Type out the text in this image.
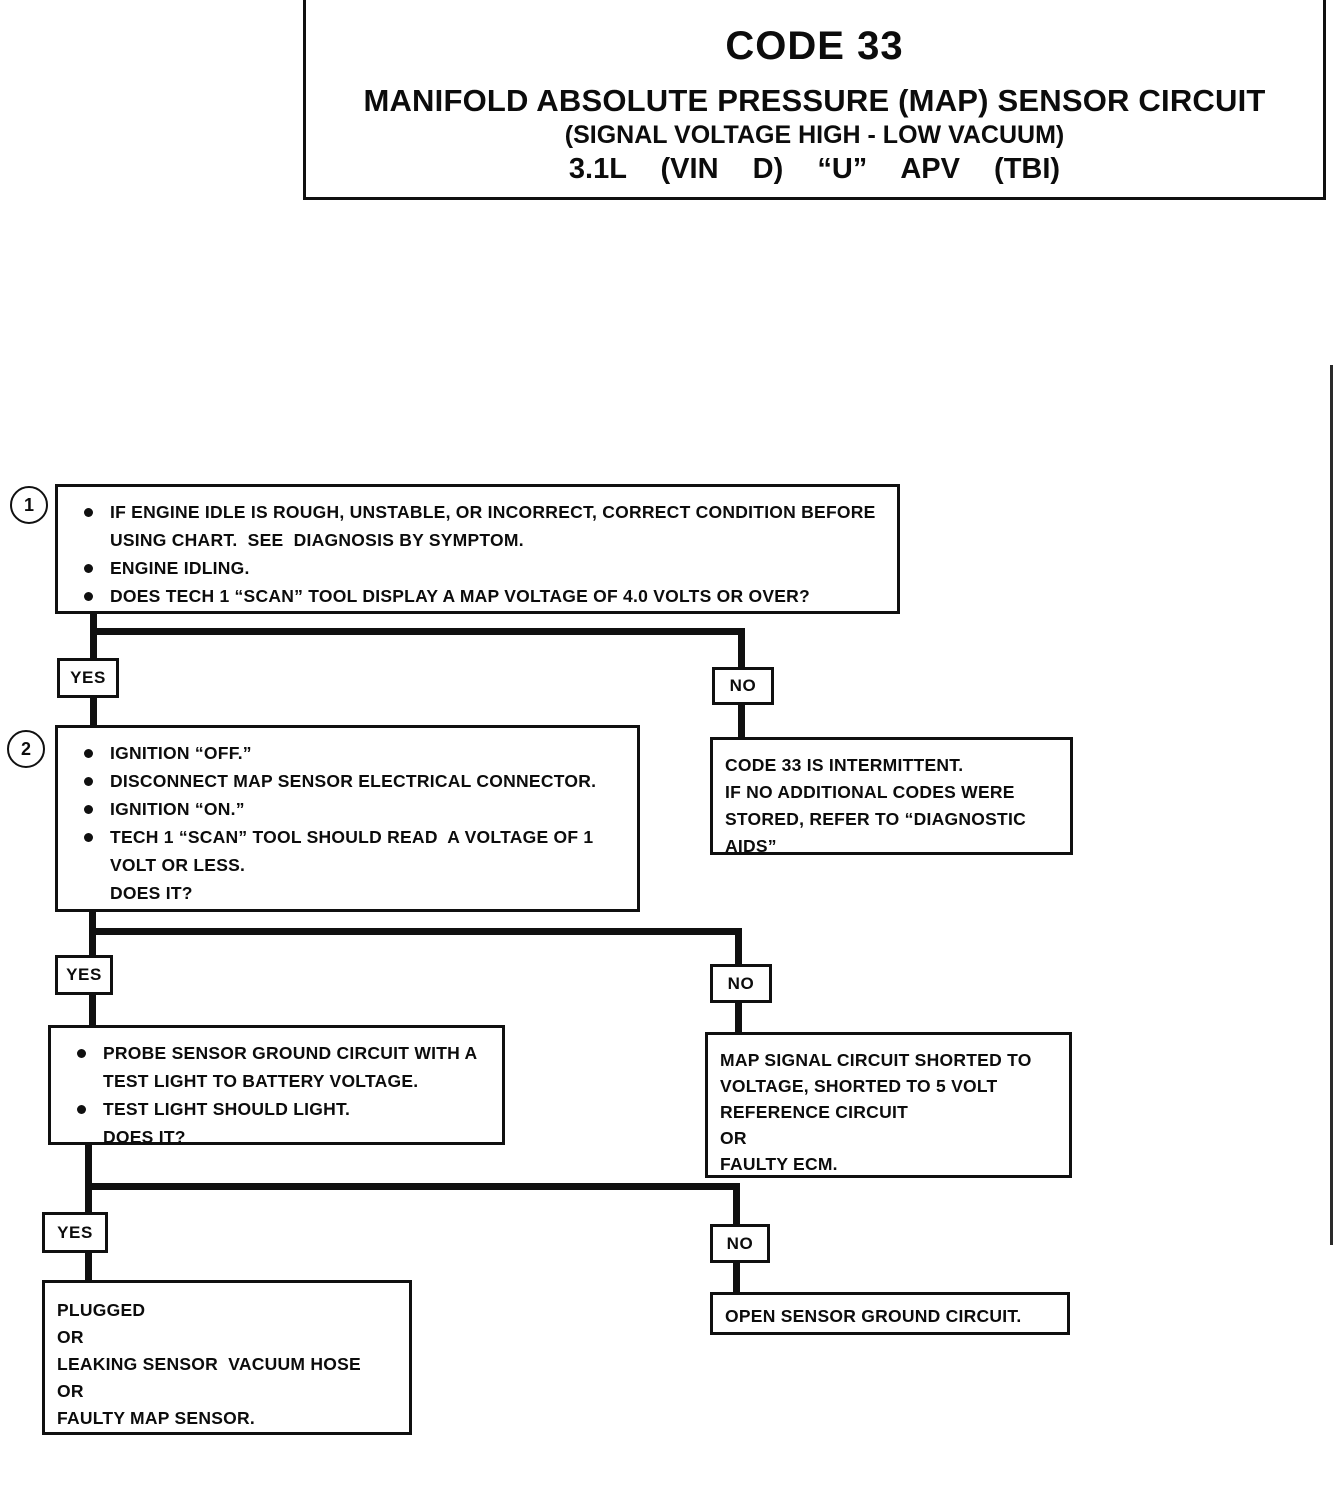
CODE 33
MANIFOLD ABSOLUTE PRESSURE (MAP) SENSOR CIRCUIT
(SIGNAL VOLTAGE HIGH - LOW VACUUM)
3.1L  (VIN  D)  “U”  APV  (TBI)
1	IF ENGINE IDLE IS ROUGH, UNSTABLE, OR INCORRECT, CORRECT CONDITION BEFORE USING CHART.  SEE  DIAGNOSIS BY SYMPTOM.
ENGINE IDLING.
DOES TECH 1 “SCAN” TOOL DISPLAY A MAP VOLTAGE OF 4.0 VOLTS OR OVER?
YES	NO
2	IGNITION “OFF.”
DISCONNECT MAP SENSOR ELECTRICAL CONNECTOR.
IGNITION “ON.”
TECH 1 “SCAN” TOOL SHOULD READ  A VOLTAGE OF 1 VOLT OR LESS.
DOES IT?
CODE 33 IS INTERMITTENT.
IF NO ADDITIONAL CODES WERE
STORED, REFER TO “DIAGNOSTIC
AIDS”
YES	NO
PROBE SENSOR GROUND CIRCUIT WITH A TEST LIGHT TO BATTERY VOLTAGE.
TEST LIGHT SHOULD LIGHT.
DOES IT?
MAP SIGNAL CIRCUIT SHORTED TO
VOLTAGE, SHORTED TO 5 VOLT
REFERENCE CIRCUIT
OR
FAULTY ECM.
YES
NO
PLUGGED
OR
LEAKING SENSOR  VACUUM HOSE
OR
FAULTY MAP SENSOR.
OPEN SENSOR GROUND CIRCUIT.
